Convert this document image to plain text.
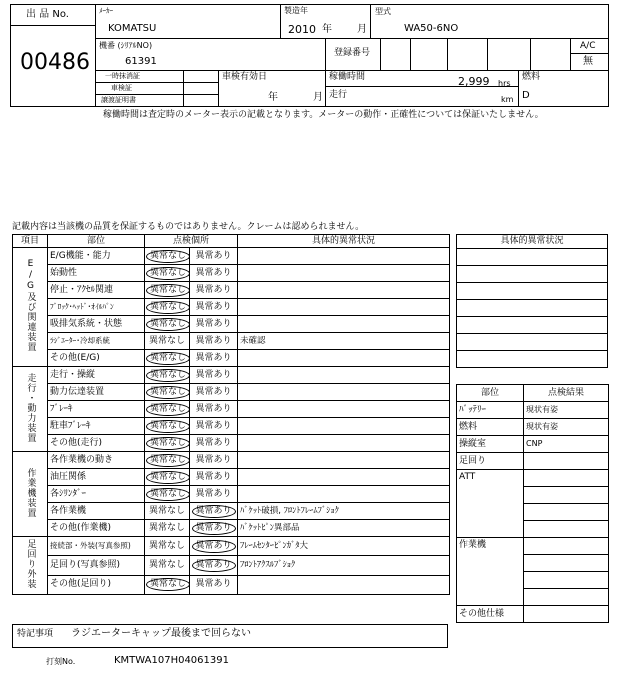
出 品 No.
00486
ﾒｰｶｰ
KOMATSU
製造年
2010 年	月
型式
WA50-6NO
機番 (ｼﾘｱﾙNO)
61391
登録番号
A/C
無
一時抹消証
車検証
譲渡証明書
車検有効日
年	月
稼働時間	2,999 hrs
走行	km
燃料
D
稼働時間は査定時のメーター表示の記載となります。メーターの動作・正確性については保証いたしません。
記載内容は当該機の品質を保証するものではありません。クレームは認められません。
項目	部位	点検個所		具体的異常状況
E/G及び関連装置	E/G機能・能力	異常なし	異常あり	
	始動性	異常なし	異常あり	
	停止・ｱｸｾﾙ関連	異常なし	異常あり	
	ﾌﾞﾛｯｸ･ﾍｯﾄﾞ･ｵｲﾙﾊﾟﾝ	異常なし	異常あり	
	吸排気系統・状態	異常なし	異常あり	
	ﾗｼﾞｴｰﾀｰ･冷却系統	異常なし	異常あり	未確認
	その他(E/G)	異常なし	異常あり	
走行・動力装置	走行・操縦	異常なし	異常あり	
	動力伝達装置	異常なし	異常あり	
	ﾌﾞﾚｰｷ	異常なし	異常あり	
	駐車ﾌﾞﾚｰｷ	異常なし	異常あり	
	その他(走行)	異常なし	異常あり	
作業機装置	各作業機の動き	異常なし	異常あり	
	油圧関係	異常なし	異常あり	
	各ｼﾘﾝﾀﾞｰ	異常なし	異常あり	
	各作業機	異常なし	異常あり	ﾊﾞｹｯﾄ破損, ﾌﾛﾝﾄﾌﾚｰﾑﾌﾞｼｮｸ
	その他(作業機)	異常なし	異常あり	ﾊﾞｹｯﾄﾋﾟﾝ異部品
足回り外装	接続部・外装(写真参照)	異常なし	異常あり	ﾌﾚｰﾑｾﾝﾀｰﾋﾟﾝｶﾞﾀ大
	足回り(写真参照)	異常なし	異常あり	ﾌﾛﾝﾄｱｸｽﾙﾌﾞｼｮｸ
	その他(足回り)	異常なし	異常あり	
具体的異常状況

部位	点検結果
ﾊﾞｯﾃﾘｰ	現状有姿
燃料	現状有姿
操縦室	CNP
足回り	
ATT	

作業機	

その他仕様	
特記事項 ラジエーターキャップ最後まで回らない
打刻No.	KMTWA107H04061391
